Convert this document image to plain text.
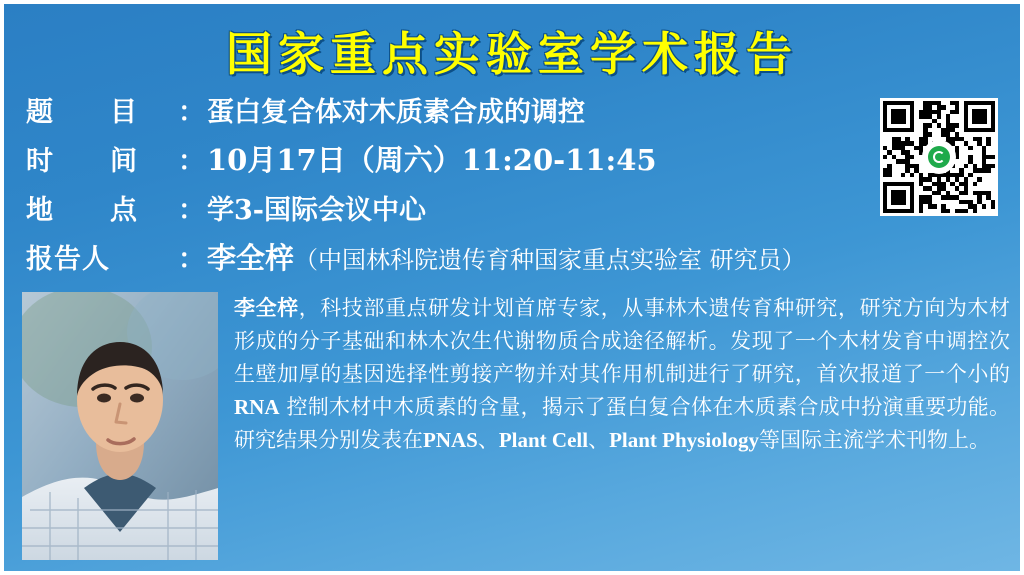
国家重点实验室学术报告
题　　目	： 蛋白复合体对木质素合成的调控
时　　间	： 10月17日（周六）11:20-11:45
地　　点	： 学3-国际会议中心
报告人	： 李全梓 （中国林科院遗传育种国家重点实验室 研究员）
李全梓，科技部重点研发计划首席专家，从事林木遗传育种研究，研究方向为木材形成的分子基础和林木次生代谢物质合成途径解析。发现了一个木材发育中调控次生壁加厚的基因选择性剪接产物并对其作用机制进行了研究，首次报道了一个小的RNA 控制木材中木质素的含量，揭示了蛋白复合体在木质素合成中扮演重要功能。研究结果分别发表在PNAS、Plant Cell、Plant Physiology等国际主流学术刊物上。
